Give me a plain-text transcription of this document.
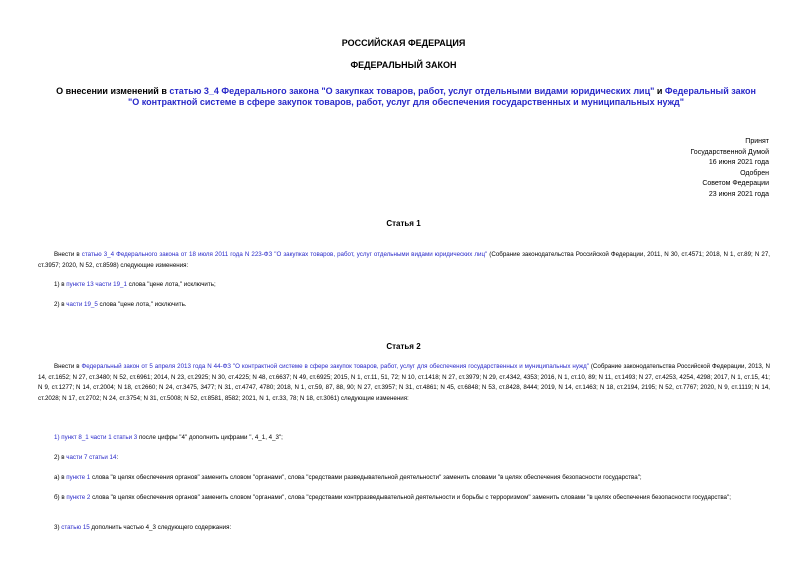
РОССИЙСКАЯ ФЕДЕРАЦИЯ
ФЕДЕРАЛЬНЫЙ ЗАКОН
О внесении изменений в статью 3_4 Федерального закона "О закупках товаров, работ, услуг отдельными видами юридических лиц" и Федеральный закон "О контрактной системе в сфере закупок товаров, работ, услуг для обеспечения государственных и муниципальных нужд"
Принят
Государственной Думой
16 июня 2021 года
Одобрен
Советом Федерации
23 июня 2021 года
Статья 1
Внести в статью 3_4 Федерального закона от 18 июля 2011 года N 223-ФЗ "О закупках товаров, работ, услуг отдельными видами юридических лиц" (Собрание законодательства Российской Федерации, 2011, N 30, ст.4571; 2018, N 1, ст.89; N 27, ст.3957; 2020, N 52, ст.8598) следующие изменения:
1) в пункте 13 части 19_1 слова "цене лота," исключить;
2) в части 19_5 слова "цене лота," исключить.
Статья 2
Внести в Федеральный закон от 5 апреля 2013 года N 44-ФЗ "О контрактной системе в сфере закупок товаров, работ, услуг для обеспечения государственных и муниципальных нужд" (Собрание законодательства Российской Федерации, 2013, N 14, ст.1652; N 27, ст.3480; N 52, ст.6961; 2014, N 23, ст.2925; N 30, ст.4225; N 48, ст.6637; N 49, ст.6925; 2015, N 1, ст.11, 51, 72; N 10, ст.1418; N 27, ст.3979; N 29, ст.4342, 4353; 2016, N 1, ст.10, 89; N 11, ст.1493; N 27, ст.4253, 4254, 4298; 2017, N 1, ст.15, 41; N 9, ст.1277; N 14, ст.2004; N 18, ст.2660; N 24, ст.3475, 3477; N 31, ст.4747, 4780; 2018, N 1, ст.59, 87, 88, 90; N 27, ст.3957; N 31, ст.4861; N 45, ст.6848; N 53, ст.8428, 8444; 2019, N 14, ст.1463; N 18, ст.2194, 2195; N 52, ст.7767; 2020, N 9, ст.1119; N 14, ст.2028; N 17, ст.2702; N 24, ст.3754; N 31, ст.5008; N 52, ст.8581, 8582; 2021, N 1, ст.33, 78; N 18, ст.3061) следующие изменения:
1) пункт 8_1 части 1 статьи 3 после цифры "4" дополнить цифрами ", 4_1, 4_3";
2) в части 7 статьи 14:
а) в пункте 1 слова "в целях обеспечения органов" заменить словом "органами", слова "средствами разведывательной деятельности" заменить словами "в целях обеспечения безопасности государства";
б) в пункте 2 слова "в целях обеспечения органов" заменить словом "органами", слова "средствами контрразведывательной деятельности и борьбы с терроризмом" заменить словами "в целях обеспечения безопасности государства";
3) статью 15 дополнить частью 4_3 следующего содержания:
